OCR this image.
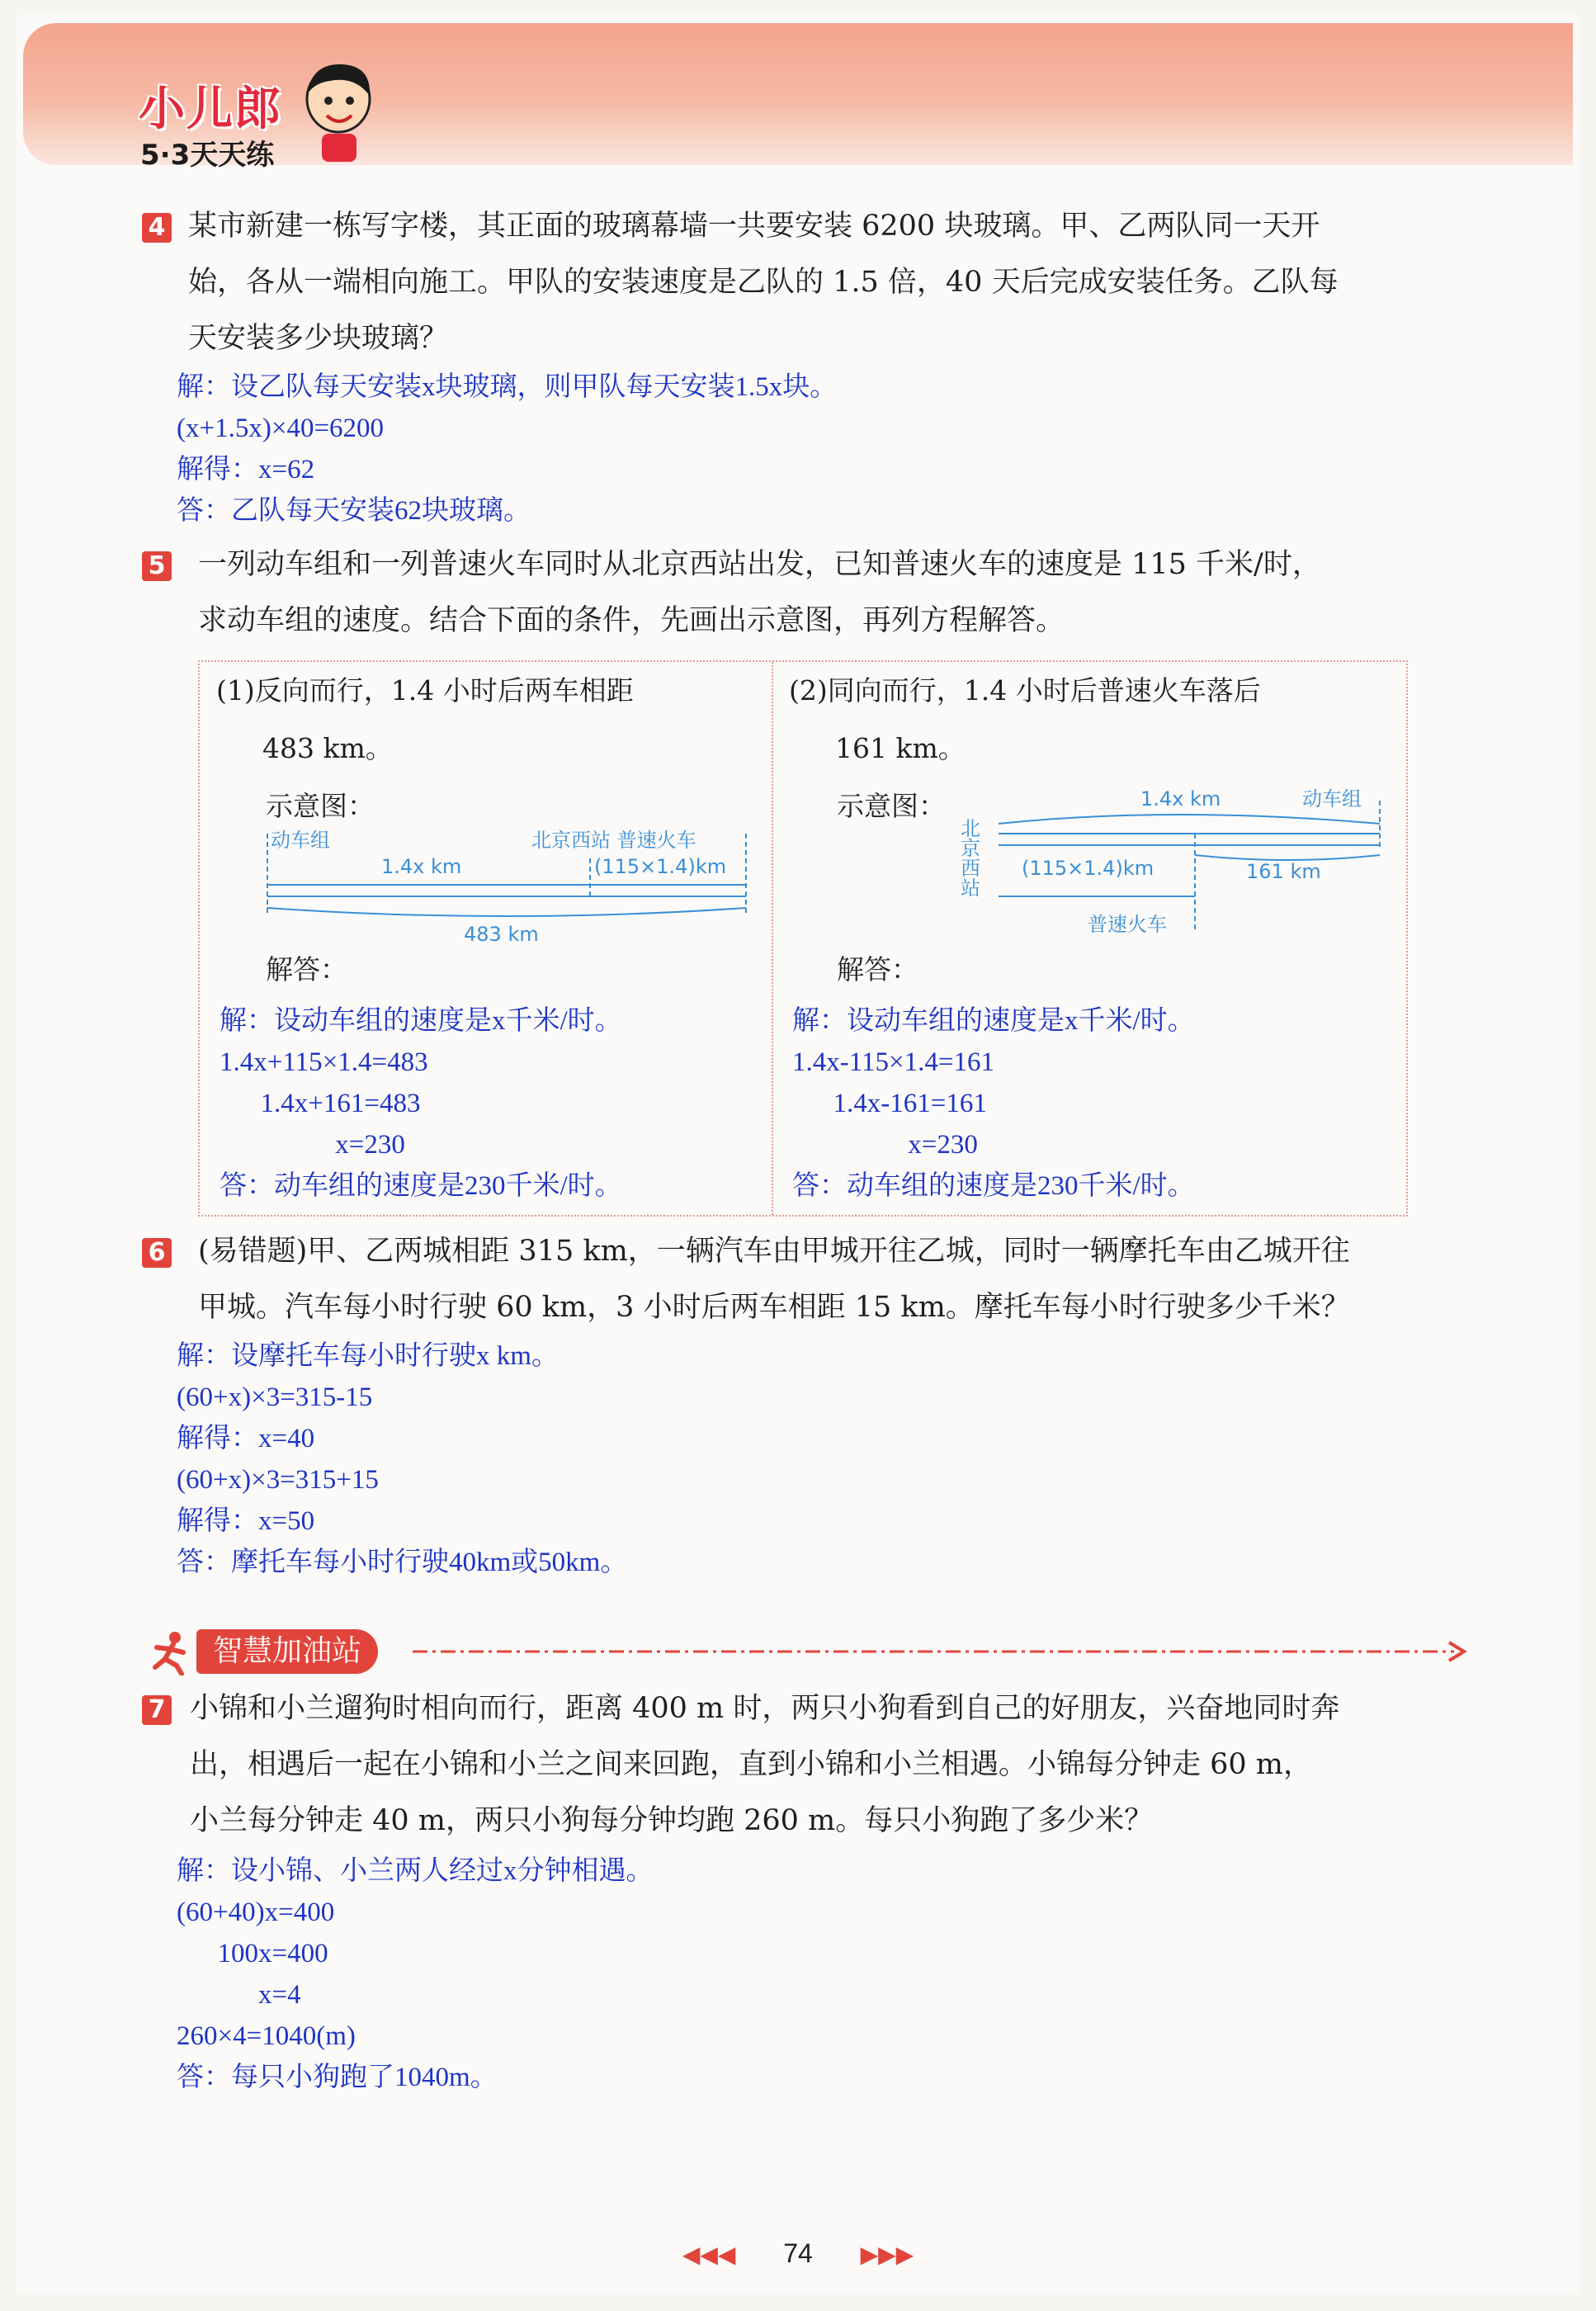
小儿郎
5·3天天练
4 某市新建一栋写字楼，其正面的玻璃幕墙一共要安装 6200 块玻璃。甲、乙两队同一天开
始，各从一端相向施工。甲队的安装速度是乙队的 1.5 倍，40 天后完成安装任务。乙队每
天安装多少块玻璃？
解：设乙队每天安装x块玻璃，则甲队每天安装1.5x块。
(x+1.5x)×40=6200
解得：x=62
答：乙队每天安装62块玻璃。
5 一列动车组和一列普速火车同时从北京西站出发，已知普速火车的速度是 115 千米/时，
求动车组的速度。结合下面的条件，先画出示意图，再列方程解答。
(1)反向而行，1.4 小时后两车相距
483 km。
示意图：
动车组	北京西站 普速火车
1.4x km	(115×1.4)km
483 km
解答：
解：设动车组的速度是x千米/时。
1.4x+115×1.4=483
1.4x+161=483
x=230
答：动车组的速度是230千米/时。
(2)同向而行，1.4 小时后普速火车落后
161 km。
示意图：
北
京
西
站
1.4x km	动车组
(115×1.4)km	161 km
普速火车
解答：
解：设动车组的速度是x千米/时。
1.4x-115×1.4=161
1.4x-161=161
x=230
答：动车组的速度是230千米/时。
6 (易错题)甲、乙两城相距 315 km，一辆汽车由甲城开往乙城，同时一辆摩托车由乙城开往
甲城。汽车每小时行驶 60 km，3 小时后两车相距 15 km。摩托车每小时行驶多少千米？
解：设摩托车每小时行驶x km。
(60+x)×3=315-15
解得：x=40
(60+x)×3=315+15
解得：x=50
答：摩托车每小时行驶40km或50km。
智慧加油站
7 小锦和小兰遛狗时相向而行，距离 400 m 时，两只小狗看到自己的好朋友，兴奋地同时奔
出，相遇后一起在小锦和小兰之间来回跑，直到小锦和小兰相遇。小锦每分钟走 60 m，
小兰每分钟走 40 m，两只小狗每分钟均跑 260 m。每只小狗跑了多少米？
解：设小锦、小兰两人经过x分钟相遇。
(60+40)x=400
100x=400
x=4
260×4=1040(m)
答：每只小狗跑了1040m。
◀◀◀ 74 ▶▶▶
